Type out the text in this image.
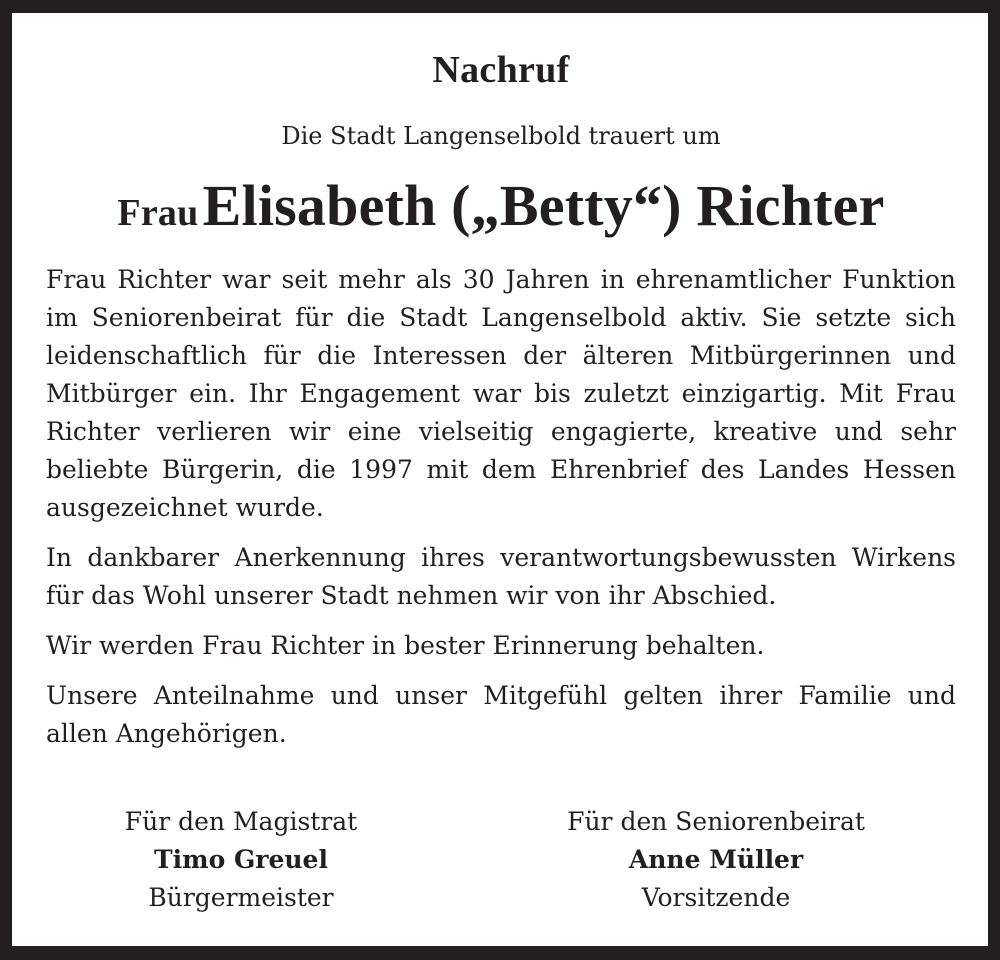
Nachruf
Die Stadt Langenselbold trauert um
Frau Elisabeth („Betty“) Richter

Frau Richter war seit mehr als 30 Jahren in ehrenamtlicher Funktion im Seniorenbeirat für die Stadt Langenselbold aktiv. Sie setzte sich leidenschaftlich für die Interessen der älteren Mitbürgerinnen und Mitbürger ein. Ihr Engagement war bis zuletzt einzigartig. Mit Frau Richter verlieren wir eine vielseitig engagierte, kreative und sehr beliebte Bürgerin, die 1997 mit dem Ehrenbrief des Landes Hessen ausgezeichnet wurde.

In dankbarer Anerkennung ihres verantwortungsbewussten Wirkens für das Wohl unserer Stadt nehmen wir von ihr Abschied.

Wir werden Frau Richter in bester Erinnerung behalten.

Unsere Anteilnahme und unser Mitgefühl gelten ihrer Familie und allen Angehörigen.

Für den Magistrat
Timo Greuel
Bürgermeister
Für den Seniorenbeirat
Anne Müller
Vorsitzende
